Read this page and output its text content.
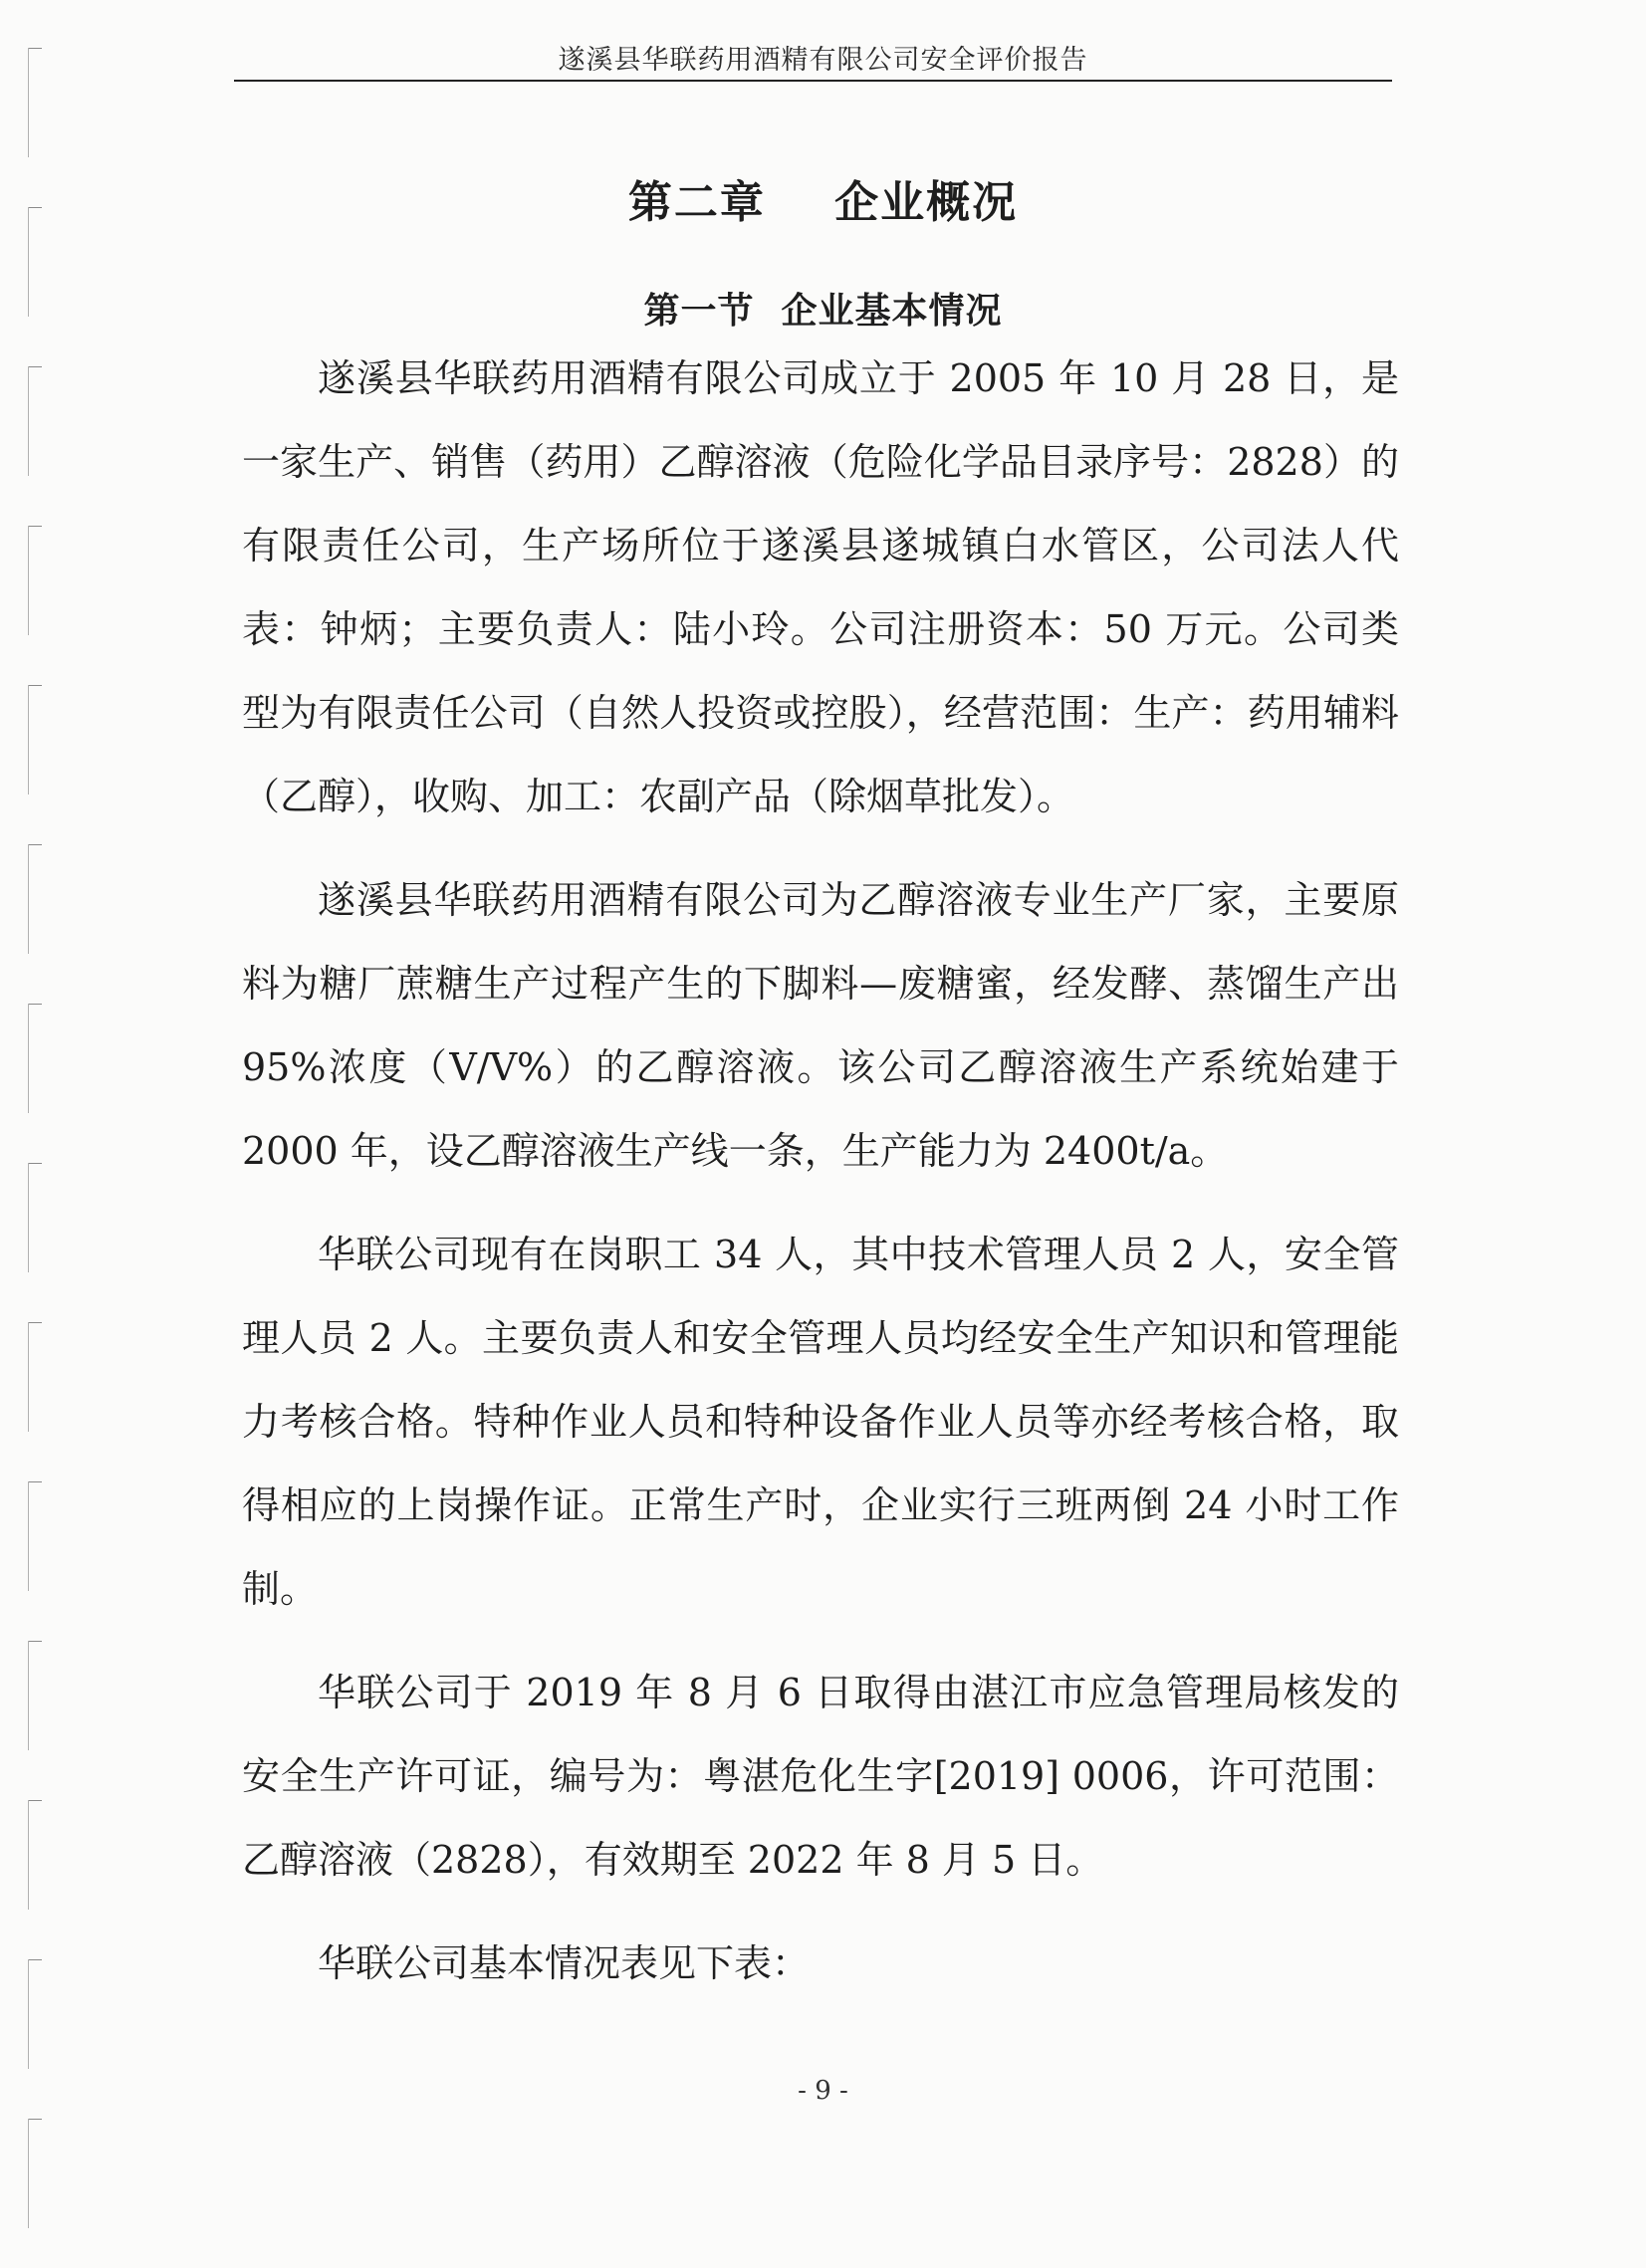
遂溪县华联药用酒精有限公司安全评价报告
第二章    企业概况
第一节  企业基本情况

遂溪县华联药用酒精有限公司成立于 2005 年 10 月 28 日，是一家生产、销售（药用）乙醇溶液（危险化学品目录序号：2828）的有限责任公司，生产场所位于遂溪县遂城镇白水管区，公司法人代表：钟炳；主要负责人：陆小玲。公司注册资本：50 万元。公司类型为有限责任公司（自然人投资或控股），经营范围：生产：药用辅料（乙醇），收购、加工：农副产品（除烟草批发）。

遂溪县华联药用酒精有限公司为乙醇溶液专业生产厂家，主要原料为糖厂蔗糖生产过程产生的下脚料—废糖蜜，经发酵、蒸馏生产出95%浓度（V/V%）的乙醇溶液。该公司乙醇溶液生产系统始建于 2000 年，设乙醇溶液生产线一条，生产能力为 2400t/a。

华联公司现有在岗职工 34 人，其中技术管理人员 2 人，安全管理人员 2 人。主要负责人和安全管理人员均经安全生产知识和管理能力考核合格。特种作业人员和特种设备作业人员等亦经考核合格，取得相应的上岗操作证。正常生产时，企业实行三班两倒 24 小时工作制。

华联公司于 2019 年 8 月 6 日取得由湛江市应急管理局核发的安全生产许可证，编号为：粤湛危化生字[2019] 0006，许可范围：乙醇溶液（2828），有效期至 2022 年 8 月 5 日。

华联公司基本情况表见下表：

- 9 -
